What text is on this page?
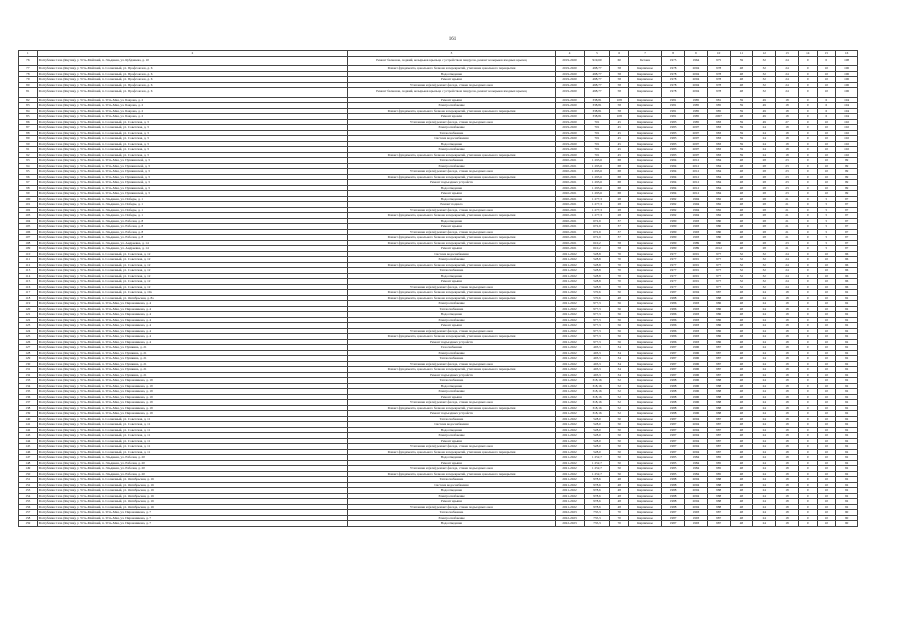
161
1	2	3	4	5	6	7	8	9	10	11	12	13	14	15	16
76	Республика Саха (Якутия), у. Усть-Майский, п. Эльдикан, ул. Кубдашева, д. 10	Ремонт балконов, лоджий, козырьков крыльца с устройством пандусов, ремонт козырьков входных крылец	2019-2020	919,60	60	Бетонн	1975	1964	975	59	32	24	0	0	108
77	Республика Саха (Якутия), у. Усть-Майский, п. Солнечный, ул. Профсоюзов, д. 6	Ремонт фундамента, цокольного балкона и перекрытий, утепление цокольного перекрытия	2019-2020	498,77	58	Кирпичное	1978	2004	978	48	32	24	0	10	106
78	Республика Саха (Якутия), у. Усть-Майский, п. Солнечный, ул. Профсоюзов, д. 6	Водоотведение	2019-2020	498,77	58	Кирпичное	1978	2004	978	48	32	24	0	10	106
79	Республика Саха (Якутия), у. Усть-Майский, п. Солнечный, ул. Профсоюзов, д. 6	Ремонт крыши	2019-2020	498,77	58	Кирпичное	1978	2004	978	48	32	24	0	10	106
80	Республика Саха (Якутия), у. Усть-Майский, п. Солнечный, ул. Профсоюзов, д. 6	Утепление и (или) ремонт фасада, ставен подъездных окон	2019-2020	498,77	58	Кирпичное	1978	2004	978	48	32	24	0	10	106
81	Республика Саха (Якутия), у. Усть-Майский, п. Солнечный, ул. Профсоюзов, д. 6	Ремонт балконов, лоджий, козырьков крыльца с устройством пандусов, ремонт козырьков входных крылец	2019-2020	498,77	58	Кирпичное	1978	2004	978	48	32	24	0	10	106
82	Республика Саха (Якутия), у. Усть-Майский, п. Усть-Мая, ул. Боярова, д. 2	Ремонт крыши	2019-2020	338,81	108	Кирпичное	1981	1985	981	59	49	18	0	6	104
83	Республика Саха (Якутия), у. Усть-Майский, п. Усть-Мая, ул. Боярова, д. 2	Электроснабжение	2019-2020	338,81	58	Кирпичное	1981	1985	985	59	49	18	0	6	104
84	Республика Саха (Якутия), у. Усть-Майский, п. Усть-Мая, ул. Боярова, д. 2	Ремонт фундамента, цокольного балкона и перекрытий, утепление цокольного перекрытия	2019-2020	338,81	58	Кирпичное	1981	1985	985	59	49	18	0	6	104
85	Республика Саха (Якутия), у. Усть-Майский, п. Усть-Мая, ул. Боярова, д. 2	Ремонт кровли	2019-2020	338,81	108	Кирпичное	1981	1985	2007	48	49	18	0	6	104
86	Республика Саха (Якутия), у. Усть-Майский, п. Солнечный, ул. Советская, д. 3	Утепление и (или) ремонт фасада, ставен подъездных окон	2019-2020	701	45	Кирпичное	1983	1985	983	59	49	27	0	10	102
87	Республика Саха (Якутия), у. Усть-Майский, п. Солнечный, ул. Советская, д. 3	Электроснабжение	2019-2020	701	45	Кирпичное	1983	2007	983	59	24	18	0	10	102
88	Республика Саха (Якутия), у. Усть-Майский, п. Солнечный, ул. Советская, д. 3	Теплоснабжение	2019-2020	701	45	Кирпичное	1983	2007	983	59	24	18	0	10	102
89	Республика Саха (Якутия), у. Усть-Майский, п. Солнечный, ул. Советская, д. 3	Система водоснабжения	2019-2020	701	45	Кирпичное	1983	2007	983	59	24	18	0	10	102
90	Республика Саха (Якутия), у. Усть-Майский, п. Солнечный, ул. Советская, д. 3	Водоотведение	2019-2020	701	45	Кирпичное	1983	2007	983	59	24	18	0	10	102
91	Республика Саха (Якутия), у. Усть-Майский, п. Солнечный, ул. Советская, д. 3	Электроснабжение	2019-2020	701	45	Кирпичное	1983	2007	983	59	24	18	0	10	102
92	Республика Саха (Якутия), у. Усть-Майский, п. Солнечный, ул. Советская, д. 3	Ремонт фундамента, цокольного балкона и перекрытий, утепление цокольного перекрытия	2019-2020	701	45	Кирпичное	1983	2007	983	59	24	18	0	10	102
93	Республика Саха (Якутия), у. Усть-Майский, п. Усть-Мая, ул. Пушкинской, д. 3	Теплоснабжение	2020-2021	1 293,6	68	Кирпичное	1984	2012	984	48	28	23	0	10	99
94	Республика Саха (Якутия), у. Усть-Майский, п. Усть-Мая, ул. Пушкинской, д. 3	Электроснабжение	2020-2021	1 293,6	68	Кирпичное	1984	2012	984	48	28	23	0	10	99
95	Республика Саха (Якутия), у. Усть-Майский, п. Усть-Мая, ул. Пушкинской, д. 3	Утепление и (или) ремонт фасада, ставен подъездных окон	2020-2021	1 293,6	68	Кирпичное	1984	2012	984	48	28	23	0	10	99
96	Республика Саха (Якутия), у. Усть-Майский, п. Усть-Мая, ул. Пушкинской, д. 3	Ремонт фундамента, цокольного балкона и перекрытий, утепление цокольного перекрытия	2020-2021	1 293,6	68	Кирпичное	1984	2012	984	48	28	23	0	10	99
97	Республика Саха (Якутия), у. Усть-Майский, п. Усть-Мая, ул. Пушкинской, д. 3	Ремонт подъездных устройств	2020-2021	1 293,6	68	Кирпичное	1984	2012	984	48	28	23	0	10	99
98	Республика Саха (Якутия), у. Усть-Майский, п. Усть-Мая, ул. Пушкинской, д. 3	Водоотведение	2020-2021	1 293,6	68	Кирпичное	1984	2012	984	48	28	23	0	10	99
99	Республика Саха (Якутия), у. Усть-Майский, п. Усть-Мая, ул. Пушкинской, д. 3	Ремонт крыши	2020-2021	1 293,6	68	Кирпичное	1984	2012	984	48	28	23	0	10	99
100	Республика Саха (Якутия), у. Усть-Майский, п. Эльдикан, ул. Победы, д. 1	Водоотведение	2020-2021	1 277,3	28	Кирпичное	1982	1994	982	48	28	21	0	5	97
101	Республика Саха (Якутия), у. Усть-Майский, п. Эльдикан, ул. Победы, д. 1	Ремонт подвала	2020-2021	1 277,3	28	Кирпичное	1982	1994	982	48	28	21	0	5	97
102	Республика Саха (Якутия), у. Усть-Майский, п. Эльдикан, ул. Победы, д. 1	Утепление и (или) ремонт фасада, ставен подъездных окон	2020-2021	1 277,3	28	Кирпичное	1982	1994	982	48	28	21	0	5	97
103	Республика Саха (Якутия), у. Усть-Майский, п. Эльдикан, ул. Победы, д. 1	Ремонт фундамента, цокольного балкона и перекрытий, утепление цокольного перекрытия	2020-2021	1 277,3	28	Кирпичное	1982	1994	982	48	28	21	0	5	97
104	Республика Саха (Якутия), у. Усть-Майский, п. Эльдикан, ул. Рабочая, д. 8	Водоотведение	2020-2021	672,9	37	Кирпичное	1980	1993	980	48	28	21	0	5	97
105	Республика Саха (Якутия), у. Усть-Майский, п. Эльдикан, ул. Рабочая, д. 8	Ремонт крыши	2020-2021	672,9	37	Кирпичное	1980	1993	980	48	28	21	0	5	97
106	Республика Саха (Якутия), у. Усть-Майский, п. Эльдикан, ул. Рабочая, д. 8	Утепление и (или) ремонт фасада, ставен подъездных окон	2020-2021	672,9	37	Кирпичное	1980	1993	980	48	28	21	0	5	97
107	Республика Саха (Якутия), у. Усть-Майский, п. Эльдикан, ул. Рабочая, д. 8	Ремонт фундамента, цокольного балкона и перекрытий, утепление цокольного перекрытия	2020-2021	672,9	37	Кирпичное	1980	1993	980	48	28	21	0	5	97
108	Республика Саха (Якутия), у. Усть-Майский, п. Эльдикан, ул. Андреевка, д. 14	Ремонт фундамента, цокольного балкона и перекрытий, утепление цокольного перекрытия	2020-2021	610,2	58	Кирпичное	1980	1989	980	48	28	23	0	5	97
109	Республика Саха (Якутия), у. Усть-Майский, п. Эльдикан, ул. Андреевка, д. 14	Ремонт крыши	2020-2021	610,2	58	Кирпичное	1980	1989	2012	48	28	21	0	5	97
110	Республика Саха (Якутия), у. Усть-Майский, п. Солнечный, ул. Советская, д. 12	Система водоснабжения	2021-2022	528,8	70	Кирпичное	1977	2001	977	32	32	24	0	10	96
111	Республика Саха (Якутия), у. Усть-Майский, п. Солнечный, ул. Советская, д. 12	Электроснабжение	2021-2022	528,8	70	Кирпичное	1977	2001	977	32	32	24	0	10	96
112	Республика Саха (Якутия), у. Усть-Майский, п. Солнечный, ул. Советская, д. 12	Ремонт фундамента, цокольного балкона и перекрытий, утепление цокольного перекрытия	2021-2022	528,8	70	Кирпичное	1977	2001	977	32	32	24	0	10	96
113	Республика Саха (Якутия), у. Усть-Майский, п. Солнечный, ул. Советская, д. 12	Теплоснабжение	2021-2022	528,8	70	Кирпичное	1977	2001	977	32	32	24	0	10	96
114	Республика Саха (Якутия), у. Усть-Майский, п. Солнечный, ул. Советская, д. 12	Водоотведение	2021-2022	528,8	70	Кирпичное	1977	2001	977	32	32	24	0	10	96
115	Республика Саха (Якутия), у. Усть-Майский, п. Солнечный, ул. Советская, д. 12	Ремонт крыши	2021-2022	528,8	70	Кирпичное	1977	2001	977	32	32	24	0	10	96
116	Республика Саха (Якутия), у. Усть-Майский, п. Солнечный, ул. Советская, д. 12	Утепление и (или) ремонт фасада, ставен подъездных окон	2021-2022	528,8	70	Кирпичное	1977	2001	977	32	32	24	0	10	96
117	Республика Саха (Якутия), у. Усть-Майский, п. Солнечный, ул. Советская, д. 10а	Ремонт фундамента, цокольного балкона и перекрытий, утепление цокольного перекрытия	2021-2022	570,6	50	Кирпичное	1987	2004	987	48	24	18	0	10	92
118	Республика Саха (Якутия), у. Усть-Майский, п. Солнечный, ул. Октябрьская, д. 8а	Ремонт фундамента, цокольного балкона и перекрытий, утепление цокольного перекрытия	2021-2022	570,6	48	Кирпичное	1988	2004	988	48	24	18	0	10	92
119	Республика Саха (Якутия), у. Усть-Майский, п. Усть-Мая, ул. Пирожникова, д. 4	Электроснабжение	2021-2022	977,3	56	Кирпичное	1986	1993	986	48	24	18	0	10	92
120	Республика Саха (Якутия), у. Усть-Майский, п. Усть-Мая, ул. Пирожникова, д. 4	Теплоснабжение	2021-2022	977,3	56	Кирпичное	1986	1993	986	48	24	18	0	10	92
121	Республика Саха (Якутия), у. Усть-Майский, п. Усть-Мая, ул. Пирожникова, д. 4	Водоотведение	2021-2022	977,3	56	Кирпичное	1986	1993	986	48	24	18	0	10	92
122	Республика Саха (Якутия), у. Усть-Майский, п. Усть-Мая, ул. Пирожникова, д. 4	Электроснабжение	2021-2022	977,3	56	Кирпичное	1986	1993	986	48	24	18	0	10	92
123	Республика Саха (Якутия), у. Усть-Майский, п. Усть-Мая, ул. Пирожникова, д. 4	Ремонт крыши	2021-2022	977,3	56	Кирпичное	1986	1993	986	48	24	18	0	10	92
124	Республика Саха (Якутия), у. Усть-Майский, п. Усть-Мая, ул. Пирожникова, д. 4	Утепление и (или) ремонт фасада, ставен подъездных окон	2021-2022	977,3	56	Кирпичное	1986	1993	986	48	24	18	0	10	92
125	Республика Саха (Якутия), у. Усть-Майский, п. Усть-Мая, ул. Пирожникова, д. 4	Ремонт фундамента, цокольного балкона и перекрытий, утепление цокольного перекрытия	2021-2022	977,3	56	Кирпичное	1986	1993	986	48	24	18	0	10	92
126	Республика Саха (Якутия), у. Усть-Майский, п. Усть-Мая, ул. Пирожникова, д. 4	Ремонт подъездных устройств	2021-2022	977,3	56	Кирпичное	1986	1993	986	48	24	18	0	10	92
127	Республика Саха (Якутия), у. Усть-Майский, п. Усть-Мая, ул. Пушкина, д. 21	Газоснабжение	2021-2022	403,3	34	Кирпичное	1987	1996	987	48	24	18	0	10	92
128	Республика Саха (Якутия), у. Усть-Майский, п. Усть-Мая, ул. Пушкина, д. 21	Электроснабжение	2021-2022	403,3	34	Кирпичное	1987	1996	987	48	24	18	0	10	92
129	Республика Саха (Якутия), у. Усть-Майский, п. Усть-Мая, ул. Пушкина, д. 21	Теплоснабжение	2021-2022	403,3	34	Кирпичное	1987	1996	987	48	24	18	0	10	92
130	Республика Саха (Якутия), у. Усть-Майский, п. Усть-Мая, ул. Пушкина, д. 21	Утепление и (или) ремонт фасада, ставен подъездных окон	2021-2022	403,3	34	Кирпичное	1987	1996	987	48	24	18	0	10	92
131	Республика Саха (Якутия), у. Усть-Майский, п. Усть-Мая, ул. Пушкина, д. 21	Ремонт фундамента, цокольного балкона и перекрытий, утепление цокольного перекрытия	2021-2022	403,3	34	Кирпичное	1987	1996	987	48	24	18	0	10	92
132	Республика Саха (Якутия), у. Усть-Майский, п. Усть-Мая, ул. Пушкина, д. 21	Ремонт подъездных устройств	2021-2022	403,3	34	Кирпичное	1987	1996	987	48	24	18	0	10	92
133	Республика Саха (Якутия), у. Усть-Майский, п. Усть-Мая, ул. Пирожникова, д. 19	Теплоснабжение	2021-2022	318,16	52	Кирпичное	1988	1996	988	48	24	18	0	10	92
134	Республика Саха (Якутия), у. Усть-Майский, п. Усть-Мая, ул. Пирожникова, д. 19	Водоотведение	2021-2022	318,16	52	Кирпичное	1988	1996	988	48	24	18	0	10	92
135	Республика Саха (Якутия), у. Усть-Майский, п. Усть-Мая, ул. Пирожникова, д. 19	Электроснабжение	2021-2022	318,16	52	Кирпичное	1988	1996	988	48	24	18	0	10	92
136	Республика Саха (Якутия), у. Усть-Майский, п. Усть-Мая, ул. Пирожникова, д. 19	Ремонт крыши	2021-2022	318,16	52	Кирпичное	1988	1996	988	48	24	18	0	10	92
137	Республика Саха (Якутия), у. Усть-Майский, п. Усть-Мая, ул. Пирожникова, д. 19	Утепление и (или) ремонт фасада, ставен подъездных окон	2021-2022	318,16	52	Кирпичное	1988	1996	988	48	24	18	0	10	92
138	Республика Саха (Якутия), у. Усть-Майский, п. Усть-Мая, ул. Пирожникова, д. 19	Ремонт фундамента, цокольного балкона и перекрытий, утепление цокольного перекрытия	2021-2022	318,16	52	Кирпичное	1988	1996	988	48	24	18	0	10	92
139	Республика Саха (Якутия), у. Усть-Майский, п. Усть-Мая, ул. Пирожникова, д. 19	Ремонт подъездных устройств	2021-2022	318,16	52	Кирпичное	1988	1996	988	48	24	18	0	10	92
140	Республика Саха (Якутия), у. Усть-Майский, п. Солнечный, ул. Советская, д. 11	Теплоснабжение	2021-2022	528,0	50	Кирпичное	1987	2004	987	48	24	18	0	10	92
141	Республика Саха (Якутия), у. Усть-Майский, п. Солнечный, ул. Советская, д. 11	Система водоснабжения	2021-2022	528,0	50	Кирпичное	1987	2004	987	48	24	18	0	10	92
142	Республика Саха (Якутия), у. Усть-Майский, п. Солнечный, ул. Советская, д. 11	Водоотведение	2021-2022	528,0	50	Кирпичное	1987	2004	987	48	24	18	0	10	92
143	Республика Саха (Якутия), у. Усть-Майский, п. Солнечный, ул. Советская, д. 11	Электроснабжение	2021-2022	528,0	50	Кирпичное	1987	2004	987	48	24	18	0	10	92
144	Республика Саха (Якутия), у. Усть-Майский, п. Солнечный, ул. Советская, д. 11	Ремонт крыши	2021-2022	528,0	50	Кирпичное	1987	2004	987	48	24	18	0	10	92
145	Республика Саха (Якутия), у. Усть-Майский, п. Солнечный, ул. Советская, д. 11	Утепление и (или) ремонт фасада, ставен подъездных окон	2021-2022	528,0	50	Кирпичное	1987	2004	987	48	24	18	0	10	92
146	Республика Саха (Якутия), у. Усть-Майский, п. Солнечный, ул. Советская, д. 11	Ремонт фундамента, цокольного балкона и перекрытий, утепление цокольного перекрытия	2021-2022	528,0	50	Кирпичное	1987	2004	987	48	24	18	0	10	92
147	Республика Саха (Якутия), у. Усть-Майский, п. Эльдикан, ул. Рабочая, д. 20	Водоотведение	2021-2022	1 252,7	50	Кирпичное	1985	1984	985	48	24	18	0	10	92
148	Республика Саха (Якутия), у. Усть-Майский, п. Эльдикан, ул. Рабочая, д. 20	Ремонт крыши	2021-2022	1 252,7	50	Кирпичное	1985	1984	985	48	24	18	0	10	92
149	Республика Саха (Якутия), у. Усть-Майский, п. Эльдикан, ул. Рабочая, д. 20	Утепление и (или) ремонт фасада, ставен подъездных окон	2021-2022	1 252,7	50	Кирпичное	1985	1984	985	48	24	18	0	10	92
150	Республика Саха (Якутия), у. Усть-Майский, п. Эльдикан, ул. Рабочая, д. 20	Ремонт фундамента, цокольного балкона и перекрытий, утепление цокольного перекрытия	2021-2022	1 252,7	50	Кирпичное	1985	1984	985	48	24	18	0	10	92
151	Республика Саха (Якутия), у. Усть-Майский, п. Солнечный, ул. Октябрьская, д. 16	Теплоснабжение	2021-2022	978,6	48	Кирпичное	1988	2004	988	48	24	18	0	10	92
152	Республика Саха (Якутия), у. Усть-Майский, п. Солнечный, ул. Октябрьская, д. 16	Система водоснабжения	2021-2022	978,6	48	Кирпичное	1988	2004	988	48	24	18	0	10	92
153	Республика Саха (Якутия), у. Усть-Майский, п. Солнечный, ул. Октябрьская, д. 16	Водоотведение	2021-2022	978,6	48	Кирпичное	1988	2004	988	48	24	18	0	10	92
154	Республика Саха (Якутия), у. Усть-Майский, п. Солнечный, ул. Октябрьская, д. 16	Электроснабжение	2021-2022	978,6	48	Кирпичное	1988	2004	988	48	24	18	0	10	92
155	Республика Саха (Якутия), у. Усть-Майский, п. Солнечный, ул. Октябрьская, д. 16	Ремонт крыши	2021-2022	978,6	48	Кирпичное	1988	2004	988	48	24	18	0	10	92
156	Республика Саха (Якутия), у. Усть-Майский, п. Солнечный, ул. Октябрьская, д. 16	Утепление и (или) ремонт фасада, ставен подъездных окон	2021-2022	978,6	48	Кирпичное	1988	2004	988	48	24	18	0	10	92
157	Республика Саха (Якутия), у. Усть-Майский, п. Усть-Мая, ул. Пирожникова, д. 7	Теплоснабжение	2022-2023	735,3	70	Кирпичное	1987	1993	987	48	24	18	0	10	90
158	Республика Саха (Якутия), у. Усть-Майский, п. Усть-Мая, ул. Пирожникова, д. 7	Электроснабжение	2022-2023	735,3	70	Кирпичное	1987	1993	987	48	24	18	0	10	90
159	Республика Саха (Якутия), у. Усть-Майский, п. Усть-Мая, ул. Пирожникова, д. 7	Водоотведение	2022-2023	735,3	70	Кирпичное	1987	1993	987	48	24	18	0	10	90
